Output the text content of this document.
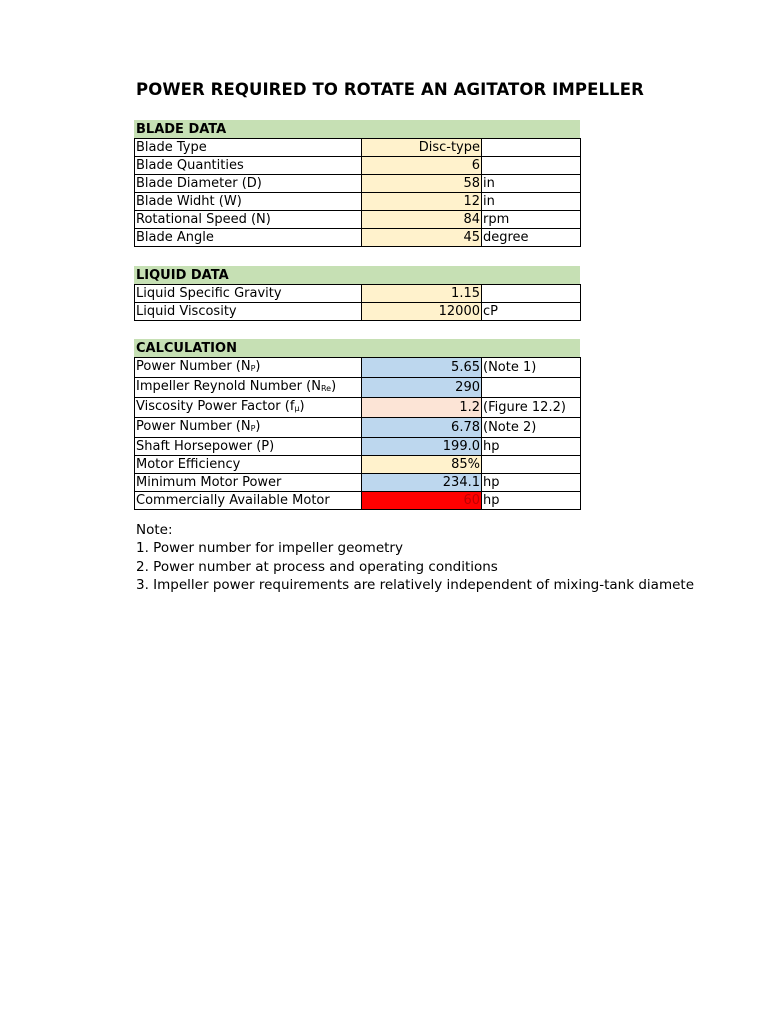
POWER REQUIRED TO ROTATE AN AGITATOR IMPELLER
BLADE DATA
Blade Type	Disc-type	
Blade Quantities	6	
Blade Diameter (D)	58	in
Blade Widht (W)	12	in
Rotational Speed (N)	84	rpm
Blade Angle	45	degree
LIQUID DATA
Liquid Specific Gravity	1.15	
Liquid Viscosity	12000	cP
CALCULATION
Power Number $(N_P)$	5.65	(Note 1)
Impeller Reynold Number $(N_{Re})$	290	
Viscosity Power Factor $(f_\mu)$	1.2	(Figure 12.2)
Power Number $(N_P)$	6.78	(Note 2)
Shaft Horsepower (P)	199.0	hp
Motor Efficiency	85%	
Minimum Motor Power	234.1	hp
Commercially Available Motor	60	hp
Note:
1. Power number for impeller geometry
2. Power number at process and operating conditions
3. Impeller power requirements are relatively independent of mixing-tank diamete
